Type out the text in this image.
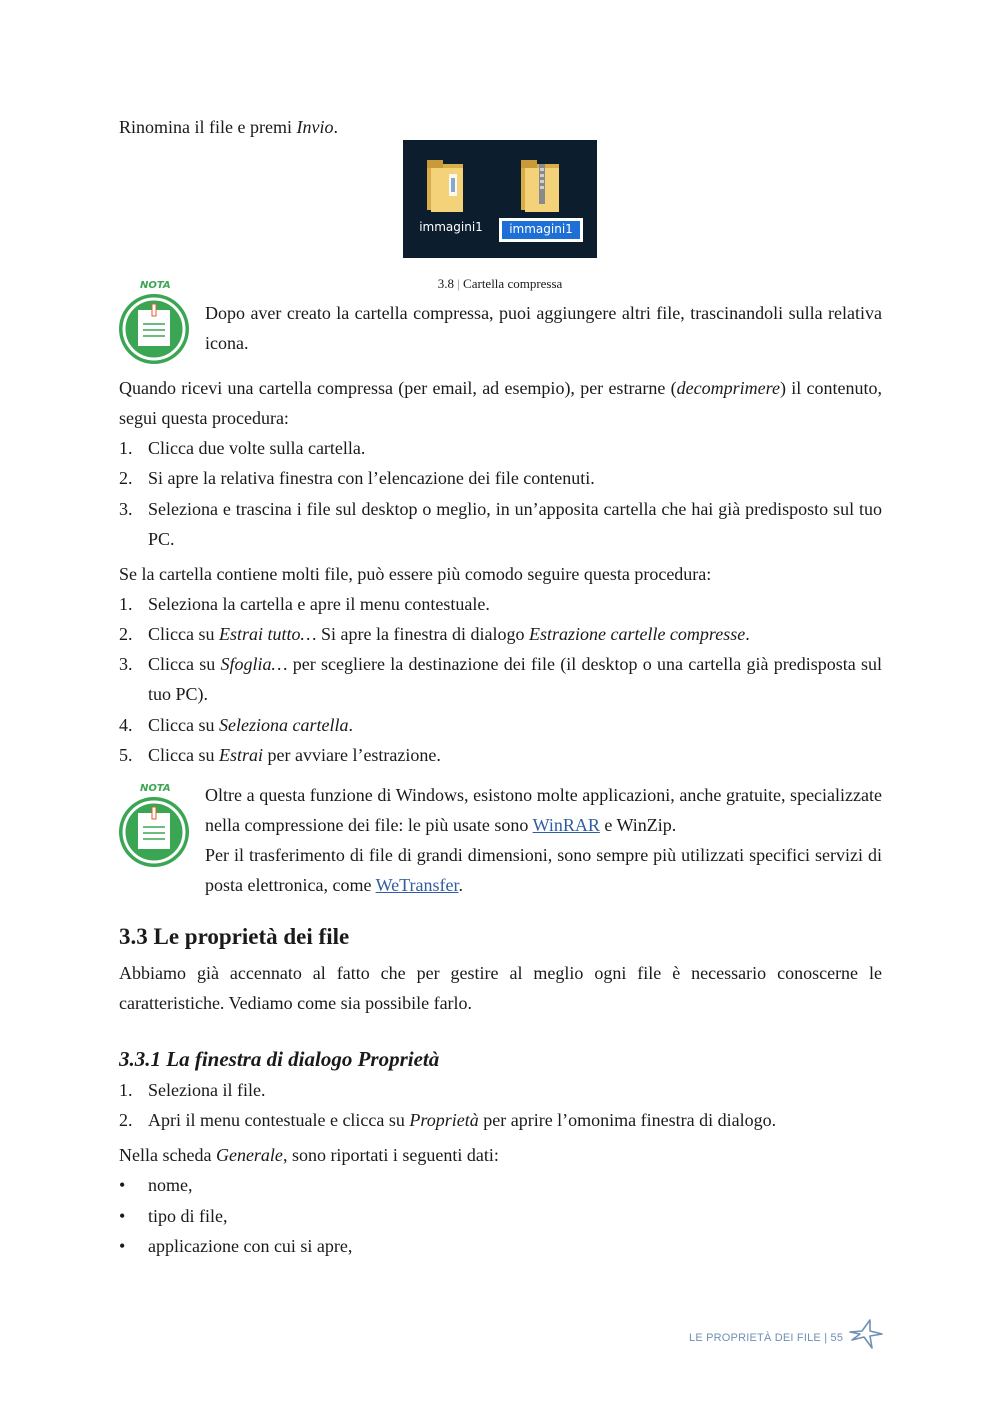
Rinomina il file e premi Invio.
immagini1	immagini1
3.8 | Cartella compressa
NOTA
Dopo aver creato la cartella compressa, puoi aggiungere altri file, trascinandoli sulla relativa icona.
Quando ricevi una cartella compressa (per email, ad esempio), per estrarne (decomprimere) il contenuto, segui questa procedura:
1. Clicca due volte sulla cartella.
2. Si apre la relativa finestra con l’elencazione dei file contenuti.
3. Seleziona e trascina i file sul desktop o meglio, in un’apposita cartella che hai già predisposto sul tuo PC.
Se la cartella contiene molti file, può essere più comodo seguire questa procedura:
1. Seleziona la cartella e apre il menu contestuale.
2. Clicca su Estrai tutto… Si apre la finestra di dialogo Estrazione cartelle compresse.
3. Clicca su Sfoglia… per scegliere la destinazione dei file (il desktop o una cartella già predisposta sul tuo PC).
4. Clicca su Seleziona cartella.
5. Clicca su Estrai per avviare l’estrazione.
NOTA Oltre a questa funzione di Windows, esistono molte applicazioni, anche gratuite, specializzate nella compressione dei file: le più usate sono WinRAR e WinZip.
Per il trasferimento di file di grandi dimensioni, sono sempre più utilizzati specifici servizi di posta elettronica, come WeTransfer.
3.3 Le proprietà dei file
Abbiamo già accennato al fatto che per gestire al meglio ogni file è necessario conoscerne le caratteristiche. Vediamo come sia possibile farlo.
3.3.1 La finestra di dialogo Proprietà
1. Seleziona il file.
2. Apri il menu contestuale e clicca su Proprietà per aprire l’omonima finestra di dialogo.
Nella scheda Generale, sono riportati i seguenti dati:
• nome,
• tipo di file,
• applicazione con cui si apre,
LE PROPRIETÀ DEI FILE | 55
